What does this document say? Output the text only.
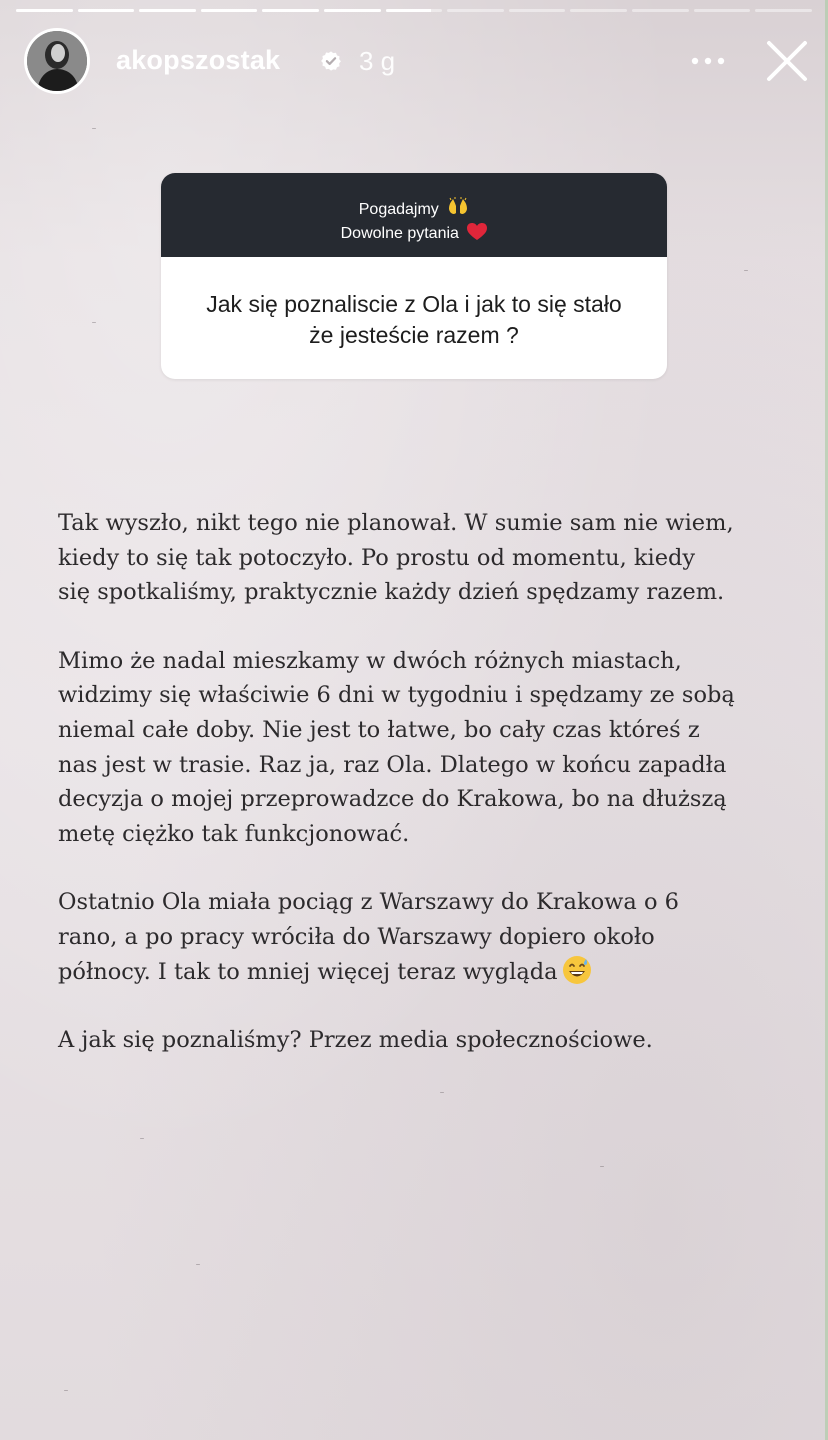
akopszostak	3 g
Pogadajmy
Dowolne pytania
Jak się poznaliscie z Ola i jak to się stało
że jesteście razem ?
Tak wyszło, nikt tego nie planował. W sumie sam nie wiem,
kiedy to się tak potoczyło. Po prostu od momentu, kiedy
się spotkaliśmy, praktycznie każdy dzień spędzamy razem.
Mimo że nadal mieszkamy w dwóch różnych miastach,
widzimy się właściwie 6 dni w tygodniu i spędzamy ze sobą
niemal całe doby. Nie jest to łatwe, bo cały czas któreś z
nas jest w trasie. Raz ja, raz Ola. Dlatego w końcu zapadła
decyzja o mojej przeprowadzce do Krakowa, bo na dłuższą
metę ciężko tak funkcjonować.
Ostatnio Ola miała pociąg z Warszawy do Krakowa o 6
rano, a po pracy wróciła do Warszawy dopiero około
północy. I tak to mniej więcej teraz wygląda
A jak się poznaliśmy? Przez media społecznościowe.
